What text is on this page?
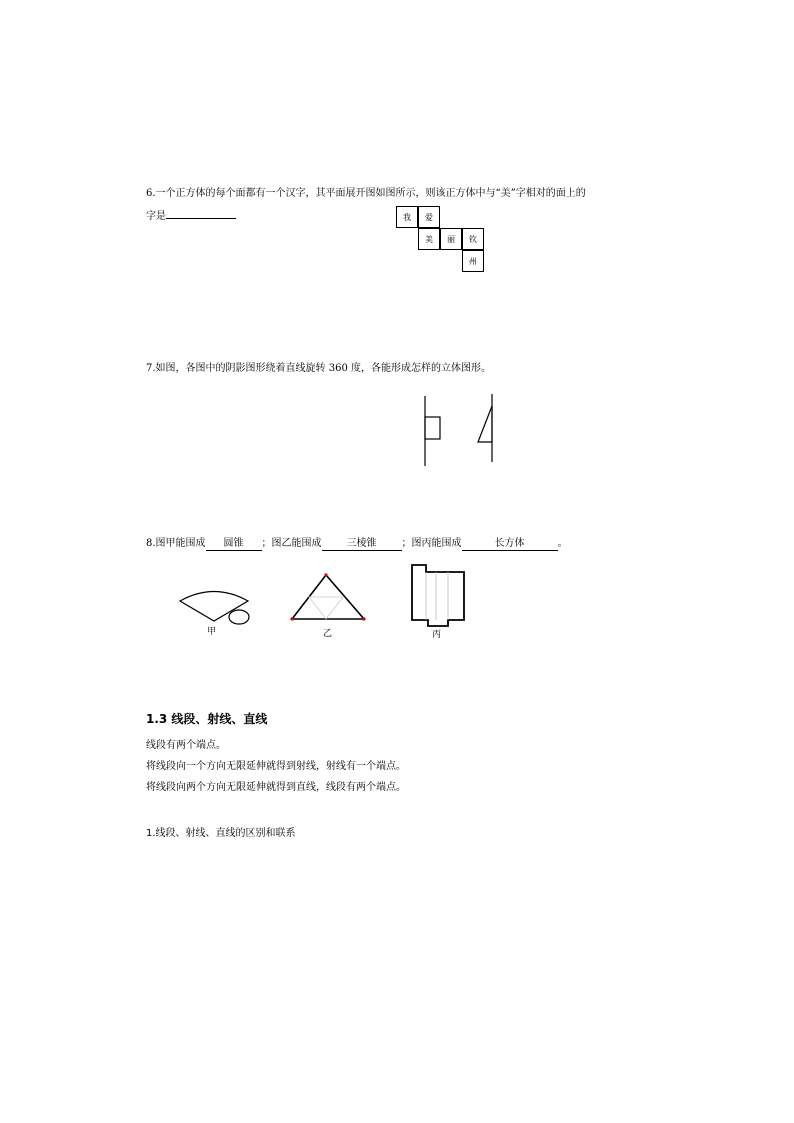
6.一个正方体的每个面都有一个汉字，其平面展开图如图所示，则该正方体中与“美”字相对的面上的
字是	我	爱
美	丽	钦
州
7.如图，各图中的阴影图形绕着直线旋转 360 度，各能形成怎样的立体图形。
8.图甲能围成 圆锥 ；图乙能围成	三棱锥	；图丙能围成	长方体	。
甲	乙	丙
1.3 线段、射线、直线
线段有两个端点。
将线段向一个方向无限延伸就得到射线，射线有一个端点。
将线段向两个方向无限延伸就得到直线，线段有两个端点。
1.线段、射线、直线的区别和联系
